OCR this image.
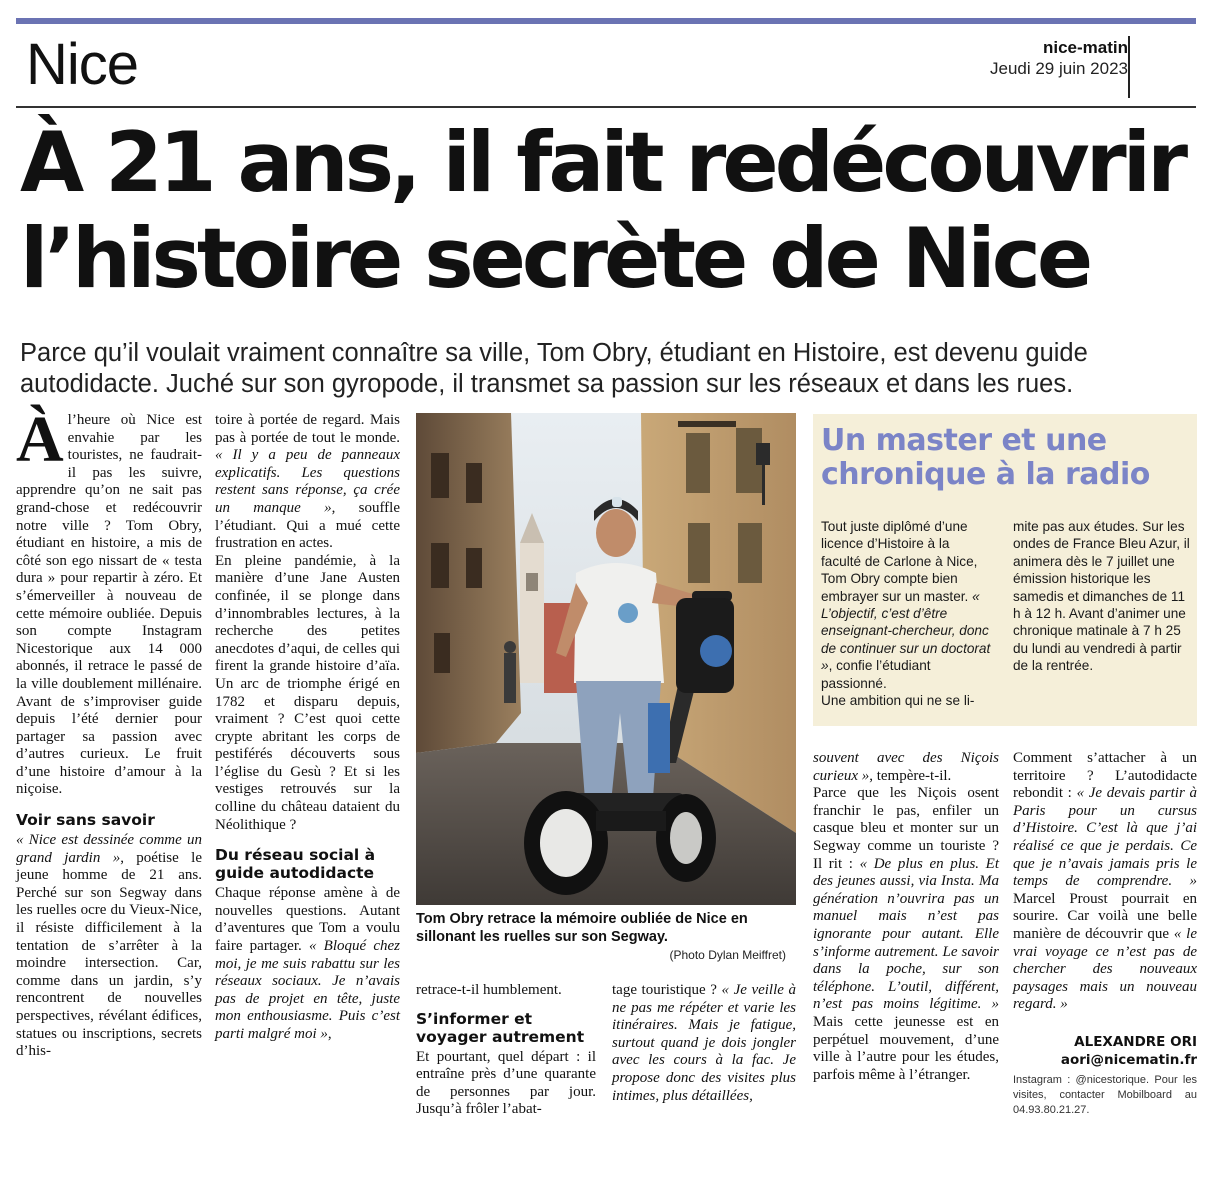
Nice	nice-matin
Jeudi 29 juin 2023
À 21 ans, il fait redécouvrir
l’histoire secrète de Nice
Parce qu’il voulait vraiment connaître sa ville, Tom Obry, étudiant en Histoire, est devenu guide autodidacte. Juché sur son gyropode, il transmet sa passion sur les réseaux et dans les rues.

Àl’heure où Nice est envahie par les touristes, ne faudrait-il pas les suivre, apprendre qu’on ne sait pas grand-chose et redécouvrir notre ville ? Tom Obry, étudiant en histoire, a mis de côté son ego nissart de « testa dura » pour repartir à zéro. Et s’émerveiller à nouveau de cette mémoire oubliée. Depuis son compte Instagram Nicestorique aux 14 000 abonnés, il retrace le passé de la ville doublement millénaire. Avant de s’improviser guide depuis l’été dernier pour partager sa passion avec d’autres curieux. Le fruit d’une histoire d’amour à la niçoise.

Voir sans savoir

« Nice est dessinée comme un grand jardin », poétise le jeune homme de 21 ans. Perché sur son Segway dans les ruelles ocre du Vieux-Nice, il résiste difficilement à la tentation de s’arrêter à la moindre intersection. Car, comme dans un jardin, s’y rencontrent de nouvelles perspectives, révélant édifices, statues ou inscriptions, secrets d’his-

toire à portée de regard. Mais pas à portée de tout le monde. « Il y a peu de panneaux explicatifs. Les questions restent sans réponse, ça crée un manque », souffle l’étudiant. Qui a mué cette frustration en actes.

En pleine pandémie, à la manière d’une Jane Austen confinée, il se plonge dans d’innombrables lectures, à la recherche des petites anecdotes d’aqui, de celles qui firent la grande histoire d’aïa. Un arc de triomphe érigé en 1782 et disparu depuis, vraiment ? C’est quoi cette crypte abritant les corps de pestiférés découverts sous l’église du Gesù ? Et si les vestiges retrouvés sur la colline du château dataient du Néolithique ?

Du réseau social à guide autodidacte

Chaque réponse amène à de nouvelles questions. Autant d’aventures que Tom a voulu faire partager. « Bloqué chez moi, je me suis rabattu sur les réseaux sociaux. Je n’avais pas de projet en tête, juste mon enthousiasme. Puis c’est parti malgré moi »,

Tom Obry retrace la mémoire oubliée de Nice en sillonant les ruelles sur son Segway.
(Photo Dylan Meiffret)

retrace-t-il humblement.

S’informer et voyager autrement

Et pourtant, quel départ : il entraîne près d’une quarante de personnes par jour. Jusqu’à frôler l’abat-

tage touristique ? « Je veille à ne pas me répéter et varie les itinéraires. Mais je fatigue, surtout quand je dois jongler avec les cours à la fac. Je propose donc des visites plus intimes, plus détaillées,

Un master et une chronique à la radio
Tout juste diplômé d’une licence d’Histoire à la faculté de Carlone à Nice, Tom Obry compte bien embrayer sur un master. « L’objectif, c’est d’être enseignant-chercheur, donc de continuer sur un doctorat », confie l’étudiant passionné.
Une ambition qui ne se li-
mite pas aux études. Sur les ondes de France Bleu Azur, il animera dès le 7 juillet une émission historique les samedis et dimanches de 11 h à 12 h. Avant d’animer une chronique matinale à 7 h 25 du lundi au vendredi à partir de la rentrée.

souvent avec des Niçois curieux », tempère-t-il.

Parce que les Niçois osent franchir le pas, enfiler un casque bleu et monter sur un Segway comme un touriste ? Il rit : « De plus en plus. Et des jeunes aussi, via Insta. Ma génération n’ouvrira pas un manuel mais n’est pas ignorante pour autant. Elle s’informe autrement. Le savoir dans la poche, sur son téléphone. L’outil, différent, n’est pas moins légitime. » Mais cette jeunesse est en perpétuel mouvement, d’une ville à l’autre pour les études, parfois même à l’étranger.

Comment s’attacher à un territoire ? L’autodidacte rebondit : « Je devais partir à Paris pour un cursus d’Histoire. C’est là que j’ai réalisé ce que je perdais. Ce que je n’avais jamais pris le temps de comprendre. » Marcel Proust pourrait en sourire. Car voilà une belle manière de découvrir que « le vrai voyage ce n’est pas de chercher des nouveaux paysages mais un nouveau regard. »

ALEXANDRE ORI
aori@nicematin.fr
Instagram : @nicestorique. Pour les visites, contacter Mobilboard au 04.93.80.21.27.
